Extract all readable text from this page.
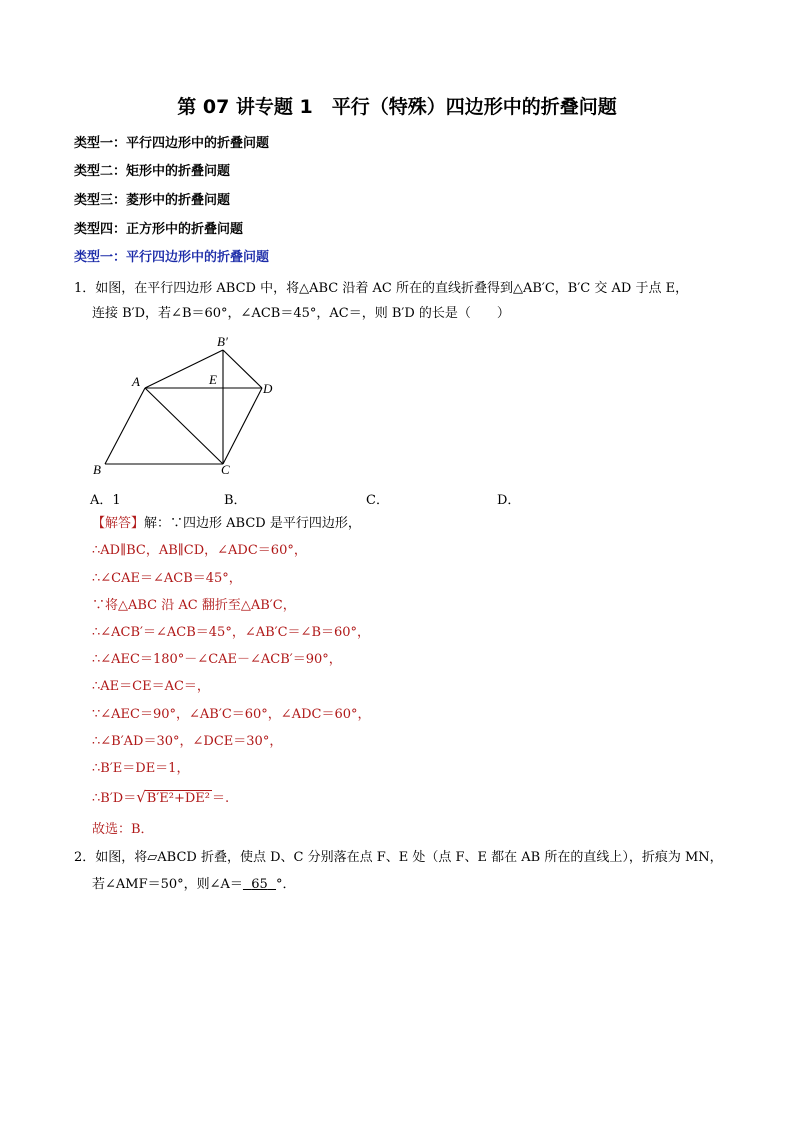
第 07 讲专题 1　平行（特殊）四边形中的折叠问题
类型一：平行四边形中的折叠问题
类型二：矩形中的折叠问题
类型三：菱形中的折叠问题
类型四：正方形中的折叠问题
类型一：平行四边形中的折叠问题
1．如图，在平行四边形 ABCD 中，将△ABC 沿着 AC 所在的直线折叠得到△AB′C，B′C 交 AD 于点 E，
连接 B′D，若∠B＝60°，∠ACB＝45°，AC＝，则 B′D 的长是（　　）
B′
A	E
D
B	C
A．1	B．	C．	D．
【解答】解：∵四边形 ABCD 是平行四边形，
∴AD∥BC，AB∥CD，∠ADC＝60°，
∴∠CAE＝∠ACB＝45°，
∵将△ABC 沿 AC 翻折至△AB′C，
∴∠ACB′＝∠ACB＝45°，∠AB′C＝∠B＝60°，
∴∠AEC＝180°－∠CAE－∠ACB′＝90°，
∴AE＝CE＝AC＝，
∵∠AEC＝90°，∠AB′C＝60°，∠ADC＝60°，
∴∠B′AD＝30°，∠DCE＝30°，
∴B′E＝DE＝1，
∴B′D＝√B′E²+DE² ＝.
故选：B．
2．如图，将▱ABCD 折叠，使点 D、C 分别落在点 F、E 处（点 F、E 都在 AB 所在的直线上），折痕为 MN，
若∠AMF＝50°，则∠A＝ 65 °．
